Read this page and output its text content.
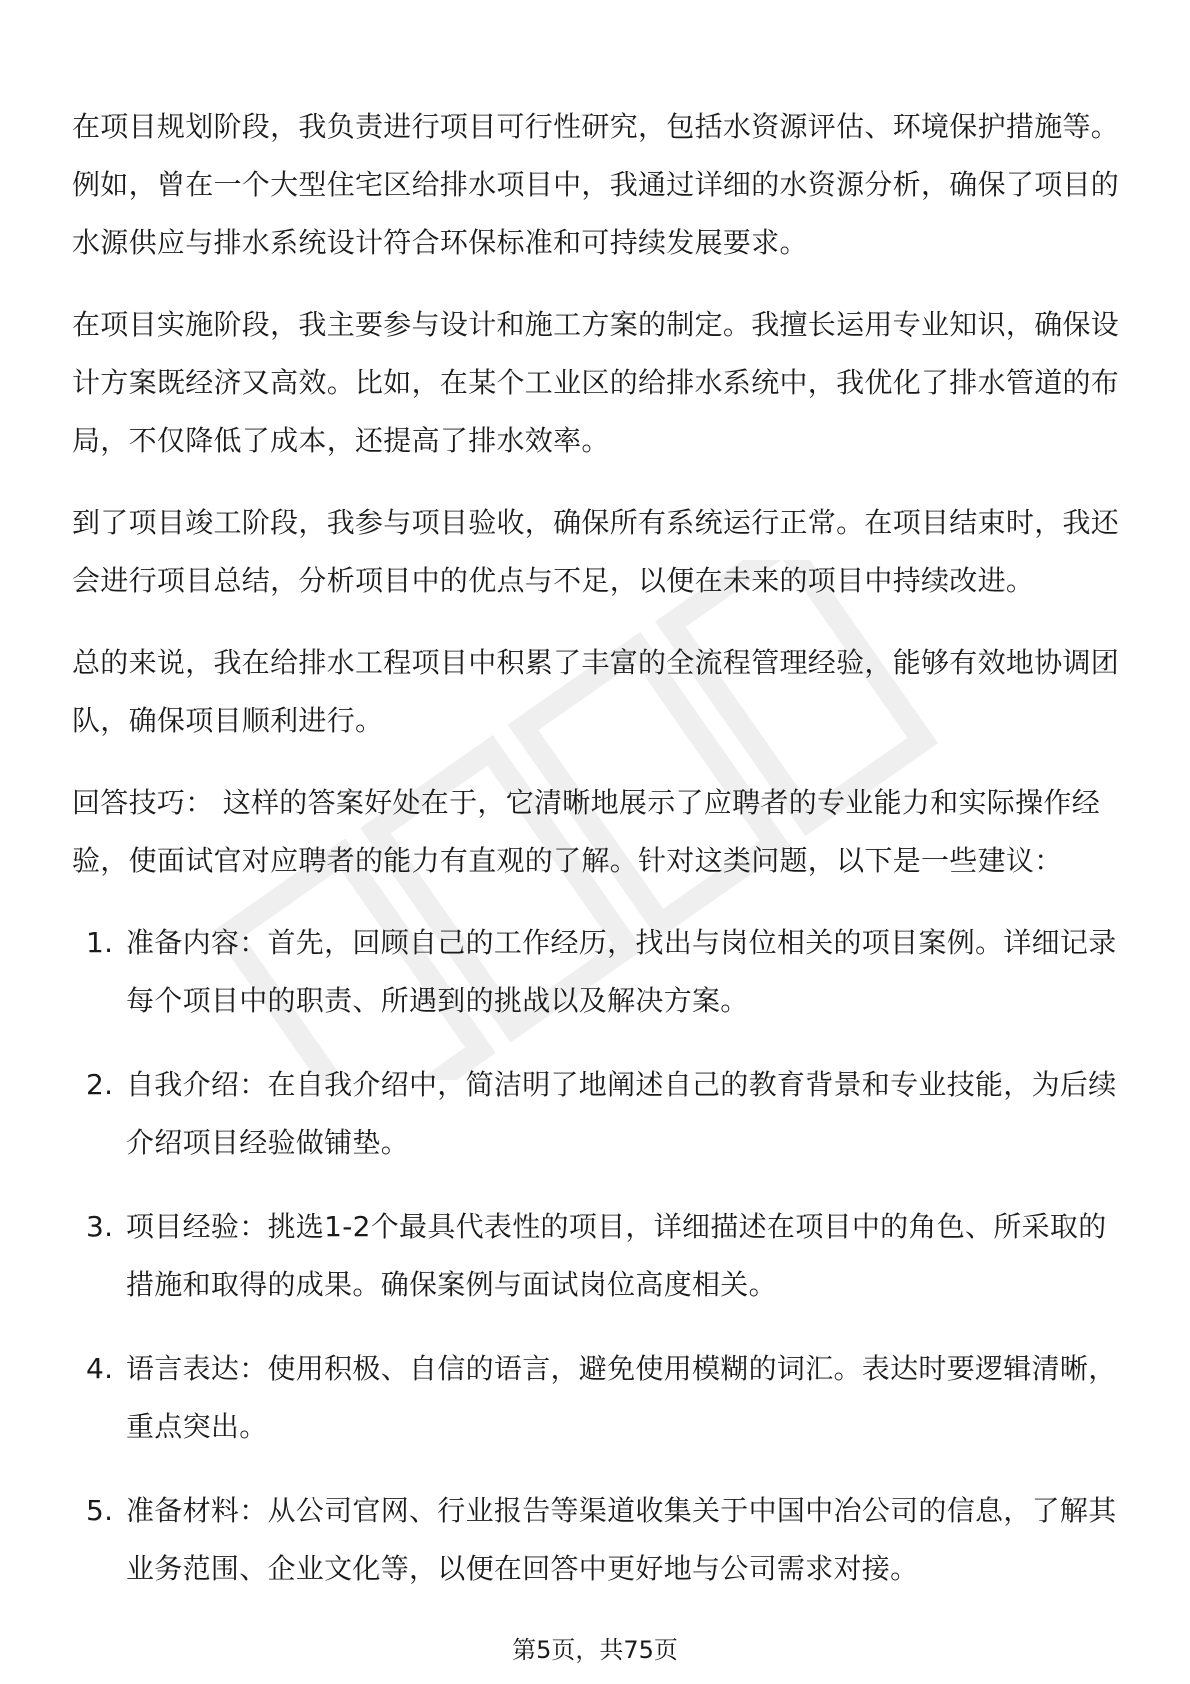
在项目规划阶段，我负责进行项目可行性研究，包括水资源评估、环境保护措施等。例如，曾在一个大型住宅区给排水项目中，我通过详细的水资源分析，确保了项目的水源供应与排水系统设计符合环保标准和可持续发展要求。

在项目实施阶段，我主要参与设计和施工方案的制定。我擅长运用专业知识，确保设计方案既经济又高效。比如，在某个工业区的给排水系统中，我优化了排水管道的布局，不仅降低了成本，还提高了排水效率。

到了项目竣工阶段，我参与项目验收，确保所有系统运行正常。在项目结束时，我还会进行项目总结，分析项目中的优点与不足，以便在未来的项目中持续改进。

总的来说，我在给排水工程项目中积累了丰富的全流程管理经验，能够有效地协调团队，确保项目顺利进行。

回答技巧： 这样的答案好处在于，它清晰地展示了应聘者的专业能力和实际操作经验，使面试官对应聘者的能力有直观的了解。针对这类问题，以下是一些建议：

1. 准备内容：首先，回顾自己的工作经历，找出与岗位相关的项目案例。详细记录每个项目中的职责、所遇到的挑战以及解决方案。
2. 自我介绍：在自我介绍中，简洁明了地阐述自己的教育背景和专业技能，为后续介绍项目经验做铺垫。
3. 项目经验：挑选1-2个最具代表性的项目，详细描述在项目中的角色、所采取的措施和取得的成果。确保案例与面试岗位高度相关。
4. 语言表达：使用积极、自信的语言，避免使用模糊的词汇。表达时要逻辑清晰，重点突出。
5. 准备材料：从公司官网、行业报告等渠道收集关于中国中冶公司的信息，了解其业务范围、企业文化等，以便在回答中更好地与公司需求对接。
第5页，共75页
